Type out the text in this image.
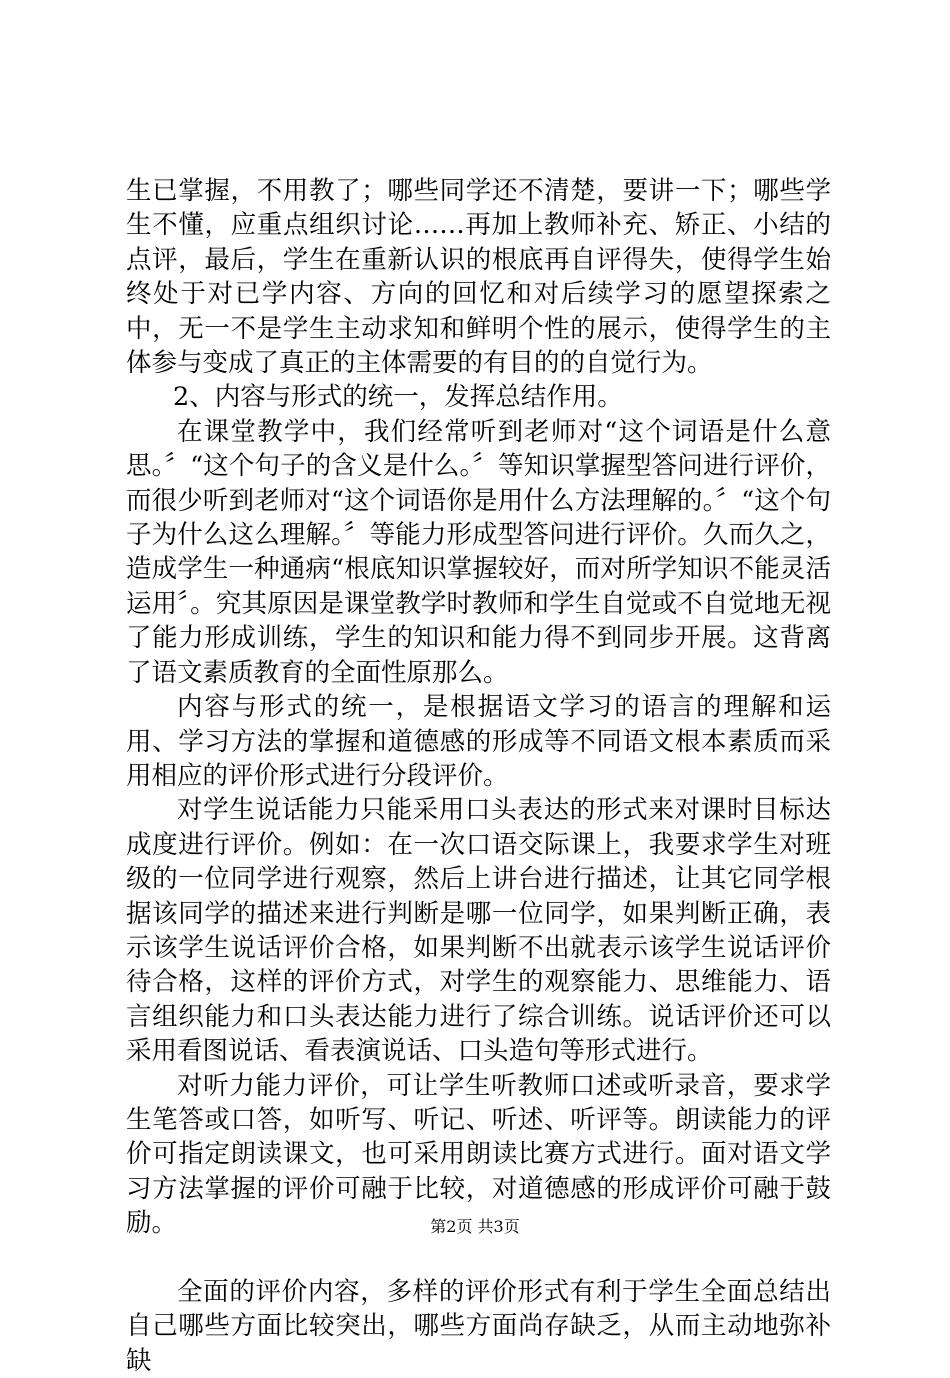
生已掌握，不用教了；哪些同学还不清楚，要讲一下；哪些学生不懂，应重点组织讨论……再加上教师补充、矫正、小结的点评，最后，学生在重新认识的根底再自评得失，使得学生始终处于对已学内容、方向的回忆和对后续学习的愿望探索之中，无一不是学生主动求知和鲜明个性的展示，使得学生的主体参与变成了真正的主体需要的有目的的自觉行为。

2、内容与形式的统一，发挥总结作用。

在课堂教学中，我们经常听到老师对“这个词语是什么意思。〞“这个句子的含义是什么。〞等知识掌握型答问进行评价，而很少听到老师对“这个词语你是用什么方法理解的。〞“这个句子为什么这么理解。〞等能力形成型答问进行评价。久而久之，造成学生一种通病“根底知识掌握较好，而对所学知识不能灵活运用〞。究其原因是课堂教学时教师和学生自觉或不自觉地无视了能力形成训练，学生的知识和能力得不到同步开展。这背离了语文素质教育的全面性原那么。

内容与形式的统一，是根据语文学习的语言的理解和运用、学习方法的掌握和道德感的形成等不同语文根本素质而采用相应的评价形式进行分段评价。

对学生说话能力只能采用口头表达的形式来对课时目标达成度进行评价。例如：在一次口语交际课上，我要求学生对班级的一位同学进行观察，然后上讲台进行描述，让其它同学根据该同学的描述来进行判断是哪一位同学，如果判断正确，表示该学生说话评价合格，如果判断不出就表示该学生说话评价待合格，这样的评价方式，对学生的观察能力、思维能力、语言组织能力和口头表达能力进行了综合训练。说话评价还可以采用看图说话、看表演说话、口头造句等形式进行。

对听力能力评价，可让学生听教师口述或听录音，要求学生笔答或口答，如听写、听记、听述、听评等。朗读能力的评价可指定朗读课文，也可采用朗读比赛方式进行。面对语文学习方法掌握的评价可融于比较，对道德感的形成评价可融于鼓励。

全面的评价内容，多样的评价形式有利于学生全面总结出自己哪些方面比较突出，哪些方面尚存缺乏，从而主动地弥补缺

第2页 共3页
